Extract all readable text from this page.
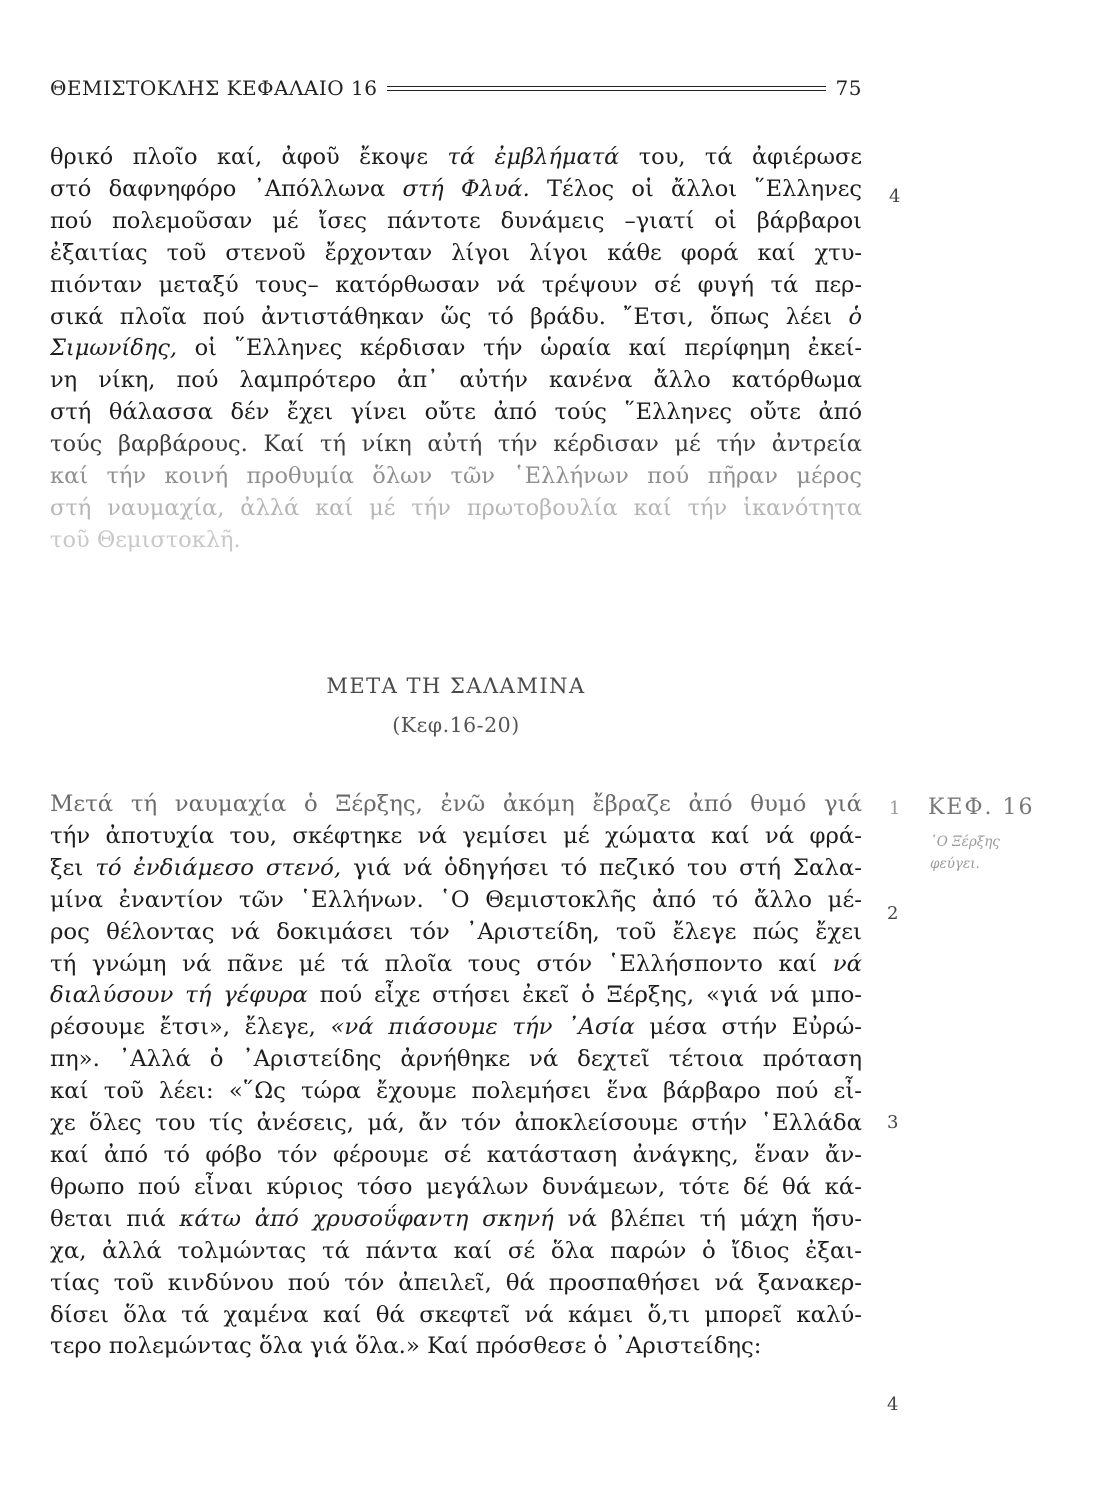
ΘΕΜΙΣΤΟΚΛΗΣ ΚΕΦΑΛΑΙΟ 16	75
θρικό πλοῖο καί, ἀφοῦ ἔκοψε τά ἐμβλήματά του, τά ἀφιέρωσε
στό δαφνηφόρο ᾿Απόλλωνα στή Φλυά. Τέλος οἱ ἄλλοι ῞Ελληνες
πού πολεμοῦσαν μέ ἴσες πάντοτε δυνάμεις –γιατί οἱ βάρβαροι
ἐξαιτίας τοῦ στενοῦ ἔρχονταν λίγοι λίγοι κάθε φορά καί χτυ-
πιόνταν μεταξύ τους– κατόρθωσαν νά τρέψουν σέ φυγή τά περ-
σικά πλοῖα πού ἀντιστάθηκαν ὥς τό βράδυ. ῎Ετσι, ὅπως λέει ὁ
Σιμωνίδης, οἱ ῞Ελληνες κέρδισαν τήν ὡραία καί περίφημη ἐκεί-
νη νίκη, πού λαμπρότερο ἀπ᾿ αὐτήν κανένα ἄλλο κατόρθωμα
στή θάλασσα δέν ἔχει γίνει οὔτε ἀπό τούς ῞Ελληνες οὔτε ἀπό
τούς βαρβάρους. Καί τή νίκη αὐτή τήν κέρδισαν μέ τήν ἀντρεία
καί τήν κοινή προθυμία ὅλων τῶν ῾Ελλήνων πού πῆραν μέρος
στή ναυμαχία, ἀλλά καί μέ τήν πρωτοβουλία καί τήν ἱκανότητα
τοῦ Θεμιστοκλῆ.
4
ΜΕΤΑ ΤΗ ΣΑΛΑΜΙΝΑ
(Κεφ.16-20)
Μετά τή ναυμαχία ὁ Ξέρξης, ἐνῶ ἀκόμη ἔβραζε ἀπό θυμό γιά
τήν ἀποτυχία του, σκέφτηκε νά γεμίσει μέ χώματα καί νά φρά-
ξει τό ἐνδιάμεσο στενό, γιά νά ὁδηγήσει τό πεζικό του στή Σαλα-
μίνα ἐναντίον τῶν ῾Ελλήνων. ῾Ο Θεμιστοκλῆς ἀπό τό ἄλλο μέ-
ρος θέλοντας νά δοκιμάσει τόν ᾿Αριστείδη, τοῦ ἔλεγε πώς ἔχει
τή γνώμη νά πᾶνε μέ τά πλοῖα τους στόν ῾Ελλήσποντο καί νά
διαλύσουν τή γέφυρα πού εἶχε στήσει ἐκεῖ ὁ Ξέρξης, «γιά νά μπο-
ρέσουμε ἔτσι», ἔλεγε, «νά πιάσουμε τήν ᾿Ασία μέσα στήν Εὐρώ-
πη». ᾿Αλλά ὁ ᾿Αριστείδης ἀρνήθηκε νά δεχτεῖ τέτοια πρόταση
καί τοῦ λέει: «῞Ως τώρα ἔχουμε πολεμήσει ἕνα βάρβαρο πού εἶ-
χε ὅλες του τίς ἀνέσεις, μά, ἄν τόν ἀποκλείσουμε στήν ῾Ελλάδα
καί ἀπό τό φόβο τόν φέρουμε σέ κατάσταση ἀνάγκης, ἕναν ἄν-
θρωπο πού εἶναι κύριος τόσο μεγάλων δυνάμεων, τότε δέ θά κά-
θεται πιά κάτω ἀπό χρυσοΰφαντη σκηνή νά βλέπει τή μάχη ἥσυ-
χα, ἀλλά τολμώντας τά πάντα καί σέ ὅλα παρών ὁ ἴδιος ἐξαι-
τίας τοῦ κινδύνου πού τόν ἀπειλεῖ, θά προσπαθήσει νά ξανακερ-
δίσει ὅλα τά χαμένα καί θά σκεφτεῖ νά κάμει ὅ,τι μπορεῖ καλύ-
τερο πολεμώντας ὅλα γιά ὅλα.» Καί πρόσθεσε ὁ ᾿Αριστείδης:
1
2
3
4
ΚΕΦ. 16
῾Ο Ξέρξης
φεύγει.
